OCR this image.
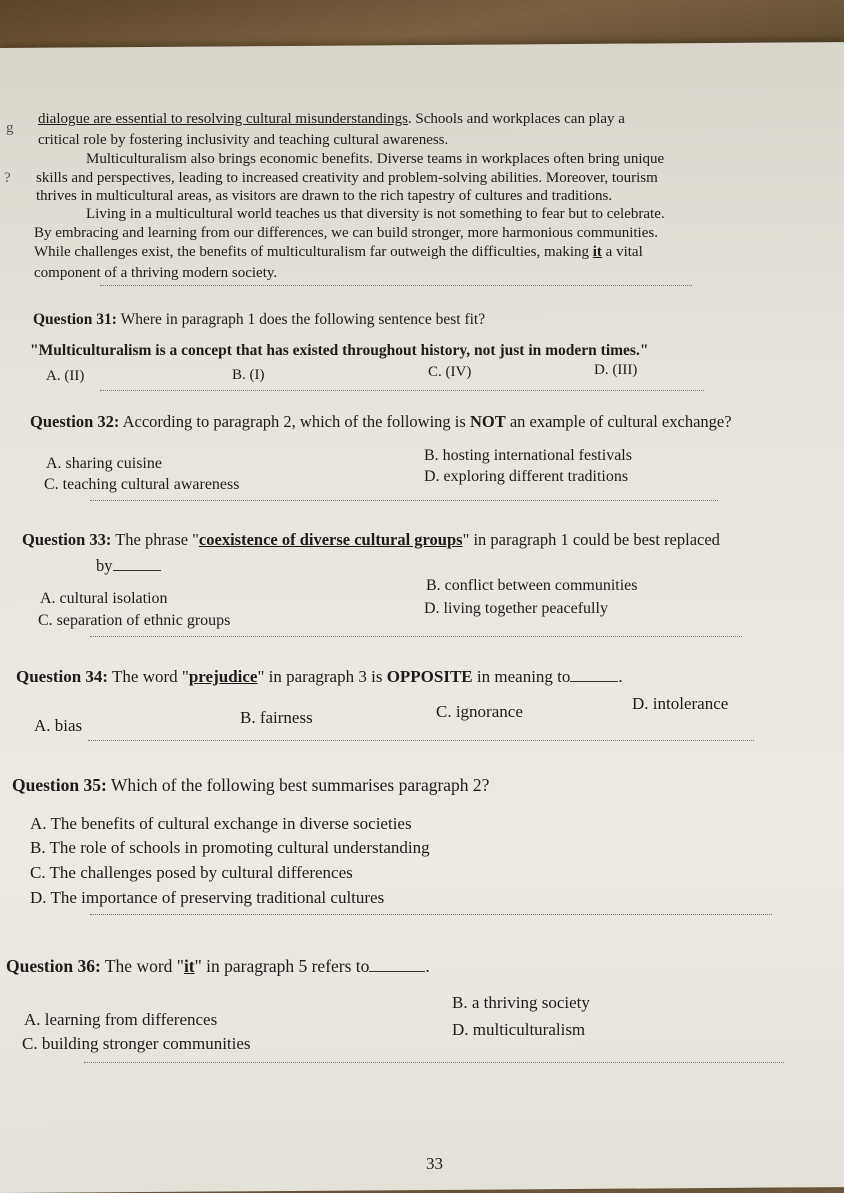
g
?
dialogue are essential to resolving cultural misunderstandings. Schools and workplaces can play a
critical role by fostering inclusivity and teaching cultural awareness.
Multiculturalism also brings economic benefits. Diverse teams in workplaces often bring unique
skills and perspectives, leading to increased creativity and problem-solving abilities. Moreover, tourism
thrives in multicultural areas, as visitors are drawn to the rich tapestry of cultures and traditions.
Living in a multicultural world teaches us that diversity is not something to fear but to celebrate.
By embracing and learning from our differences, we can build stronger, more harmonious communities.
While challenges exist, the benefits of multiculturalism far outweigh the difficulties, making it a vital
component of a thriving modern society.
Question 31: Where in paragraph 1 does the following sentence best fit?
"Multiculturalism is a concept that has existed throughout history, not just in modern times."
A. (II)	B. (I)	C. (IV)	D. (III)
Question 32: According to paragraph 2, which of the following is NOT an example of cultural exchange?
A. sharing cuisine	B. hosting international festivals
C. teaching cultural awareness	D. exploring different traditions
Question 33: The phrase "coexistence of diverse cultural groups" in paragraph 1 could be best replaced
by
A. cultural isolation
B. conflict between communities
C. separation of ethnic groups
D. living together peacefully
Question 34: The word "prejudice" in paragraph 3 is OPPOSITE in meaning to	.
A. bias	B. fairness	C. ignorance	D. intolerance
Question 35: Which of the following best summarises paragraph 2?
A. The benefits of cultural exchange in diverse societies
B. The role of schools in promoting cultural understanding
C. The challenges posed by cultural differences
D. The importance of preserving traditional cultures
Question 36: The word "it" in paragraph 5 refers to	.
A. learning from differences
B. a thriving society
C. building stronger communities
D. multiculturalism
33
